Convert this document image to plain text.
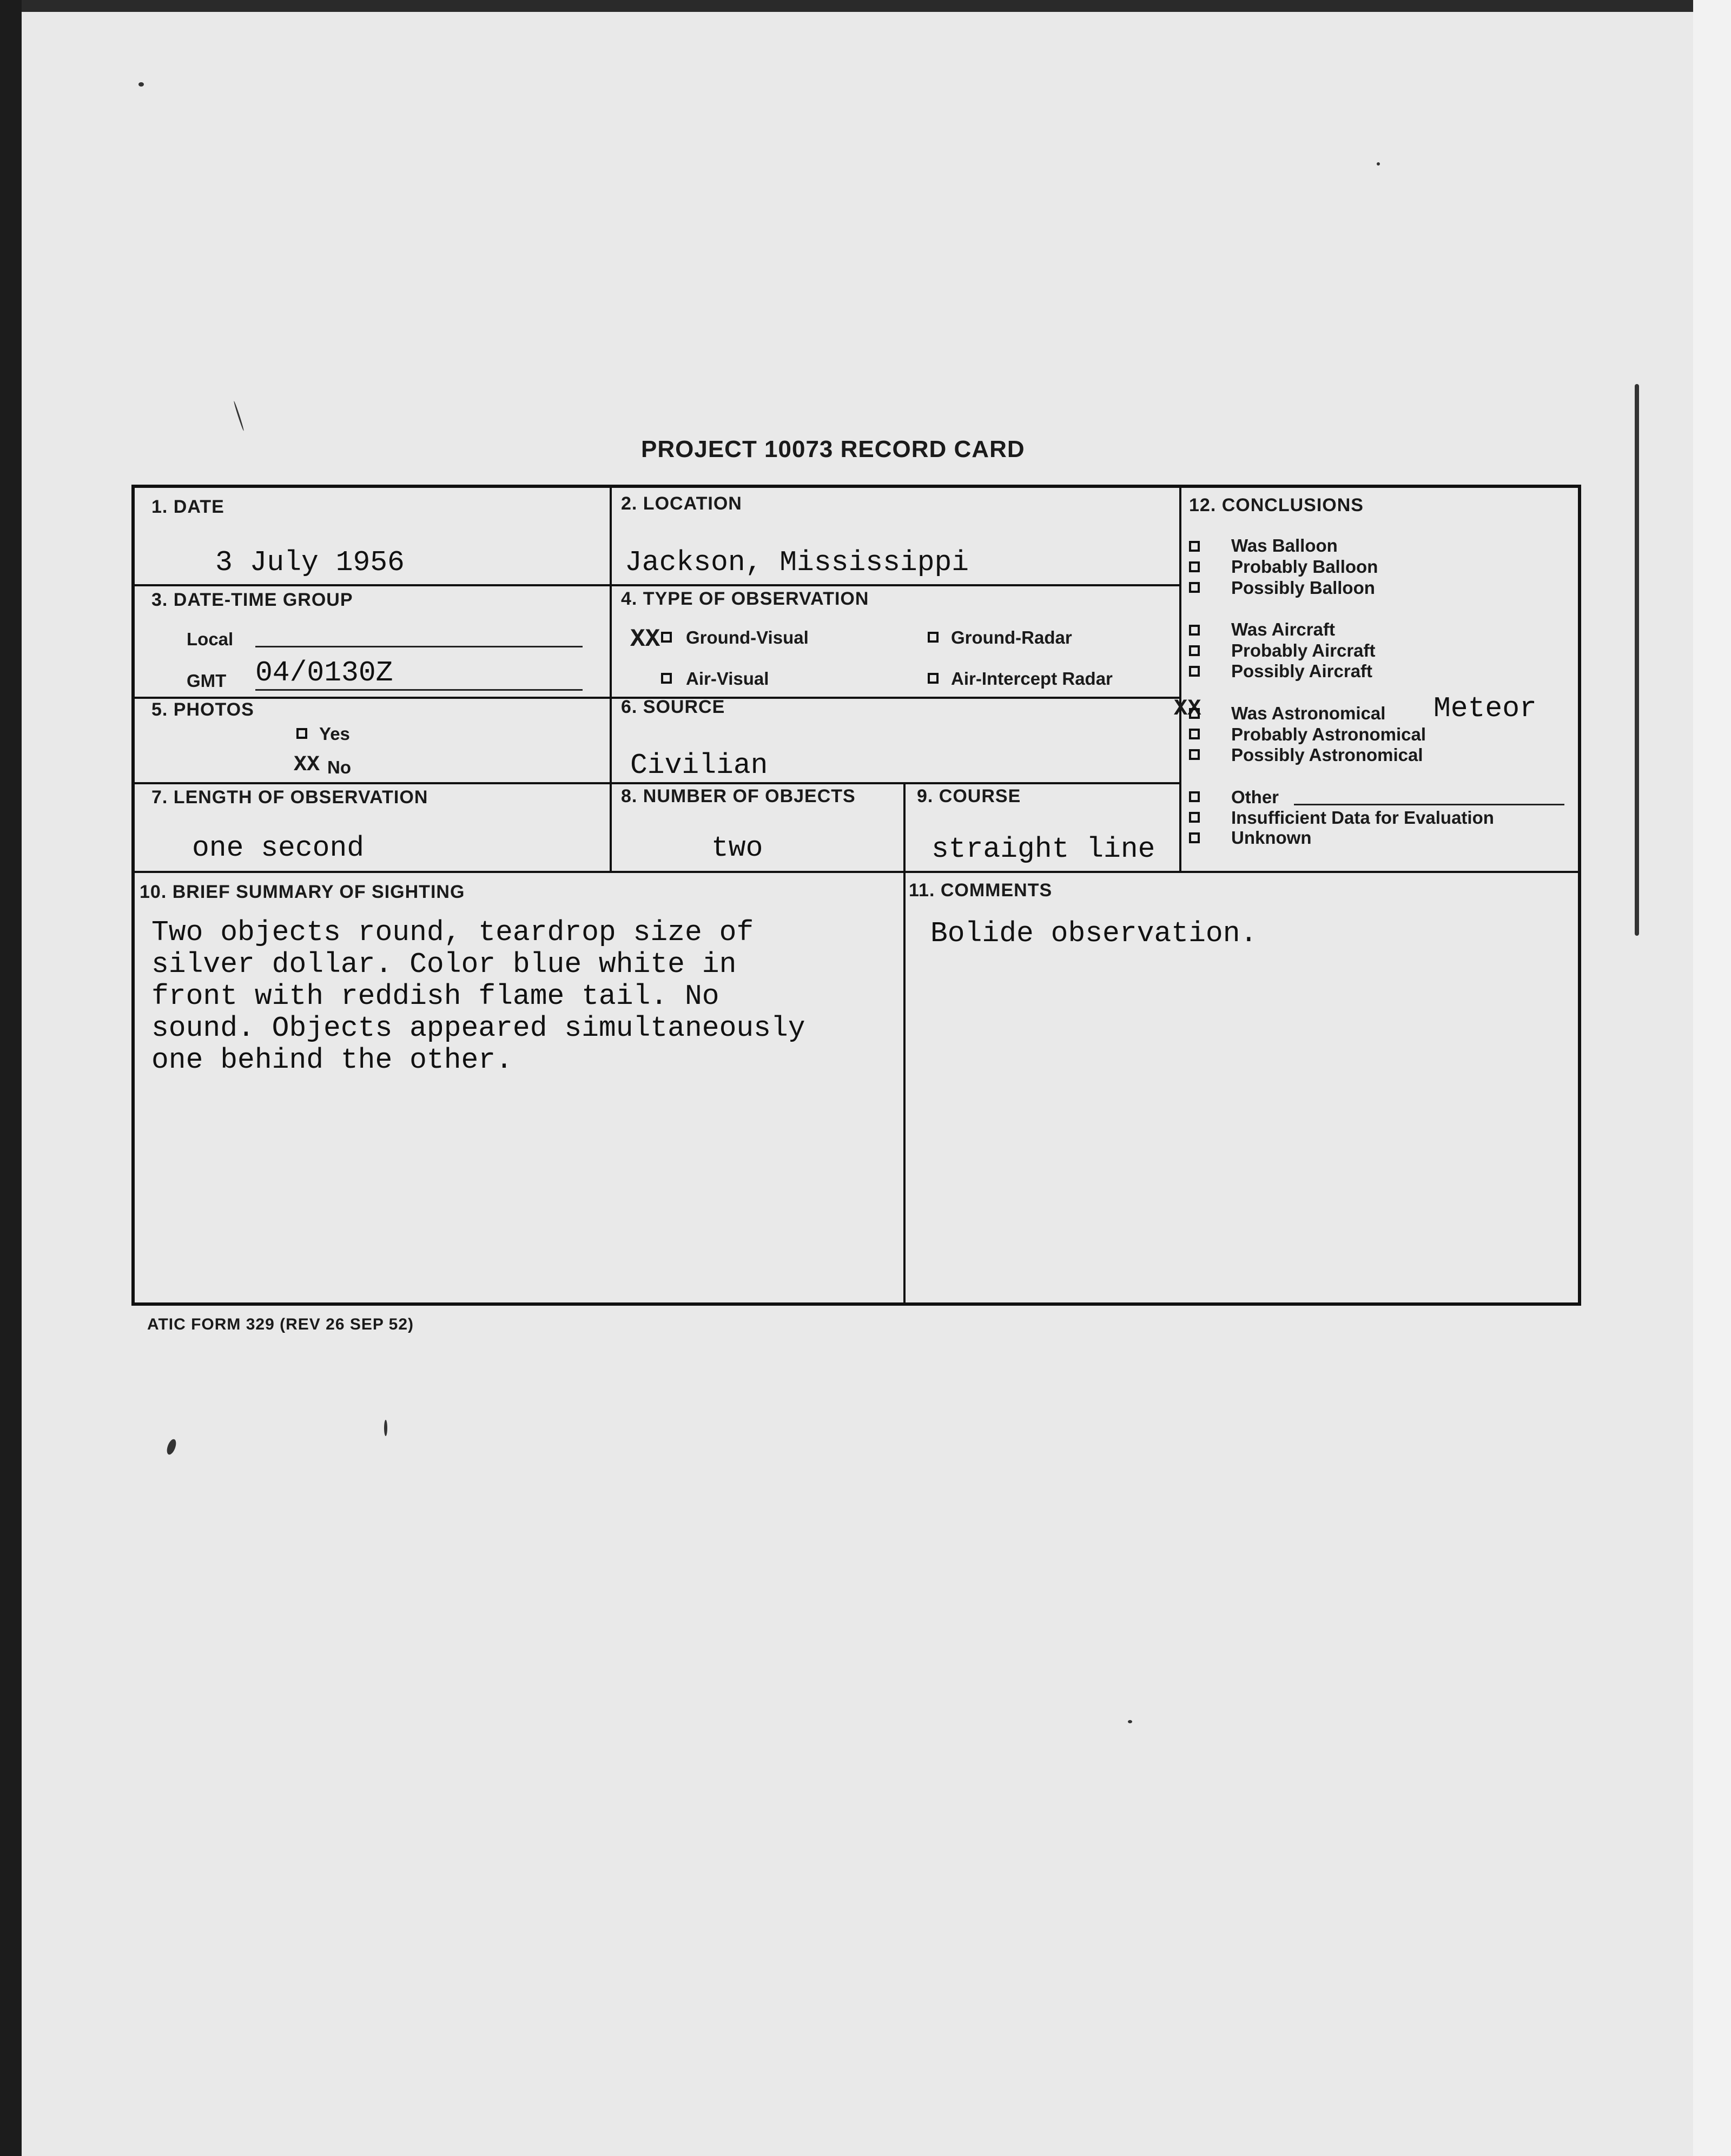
PROJECT 10073 RECORD CARD
1. DATE
3 July 1956
2. LOCATION
Jackson, Mississippi
3. DATE-TIME GROUP
Local
GMT 04/0130Z
4. TYPE OF OBSERVATION
XX Ground-Visual	Ground-Radar
Air-Visual	Air-Intercept Radar
5. PHOTOS
Yes
XX No
6. SOURCE
Civilian
7. LENGTH OF OBSERVATION
one second
8. NUMBER OF OBJECTS
two
9. COURSE
straight line
10. BRIEF SUMMARY OF SIGHTING
Two objects round, teardrop size of
silver dollar. Color blue white in
front with reddish flame tail. No
sound. Objects appeared simultaneously
one behind the other.
11. COMMENTS
Bolide observation.
12. CONCLUSIONS
Was Balloon
Probably Balloon
Possibly Balloon
Was Aircraft
Probably Aircraft
Possibly Aircraft
XX Was Astronomical Meteor
Probably Astronomical
Possibly Astronomical
Other
Insufficient Data for Evaluation
Unknown
ATIC FORM 329 (REV 26 SEP 52)
